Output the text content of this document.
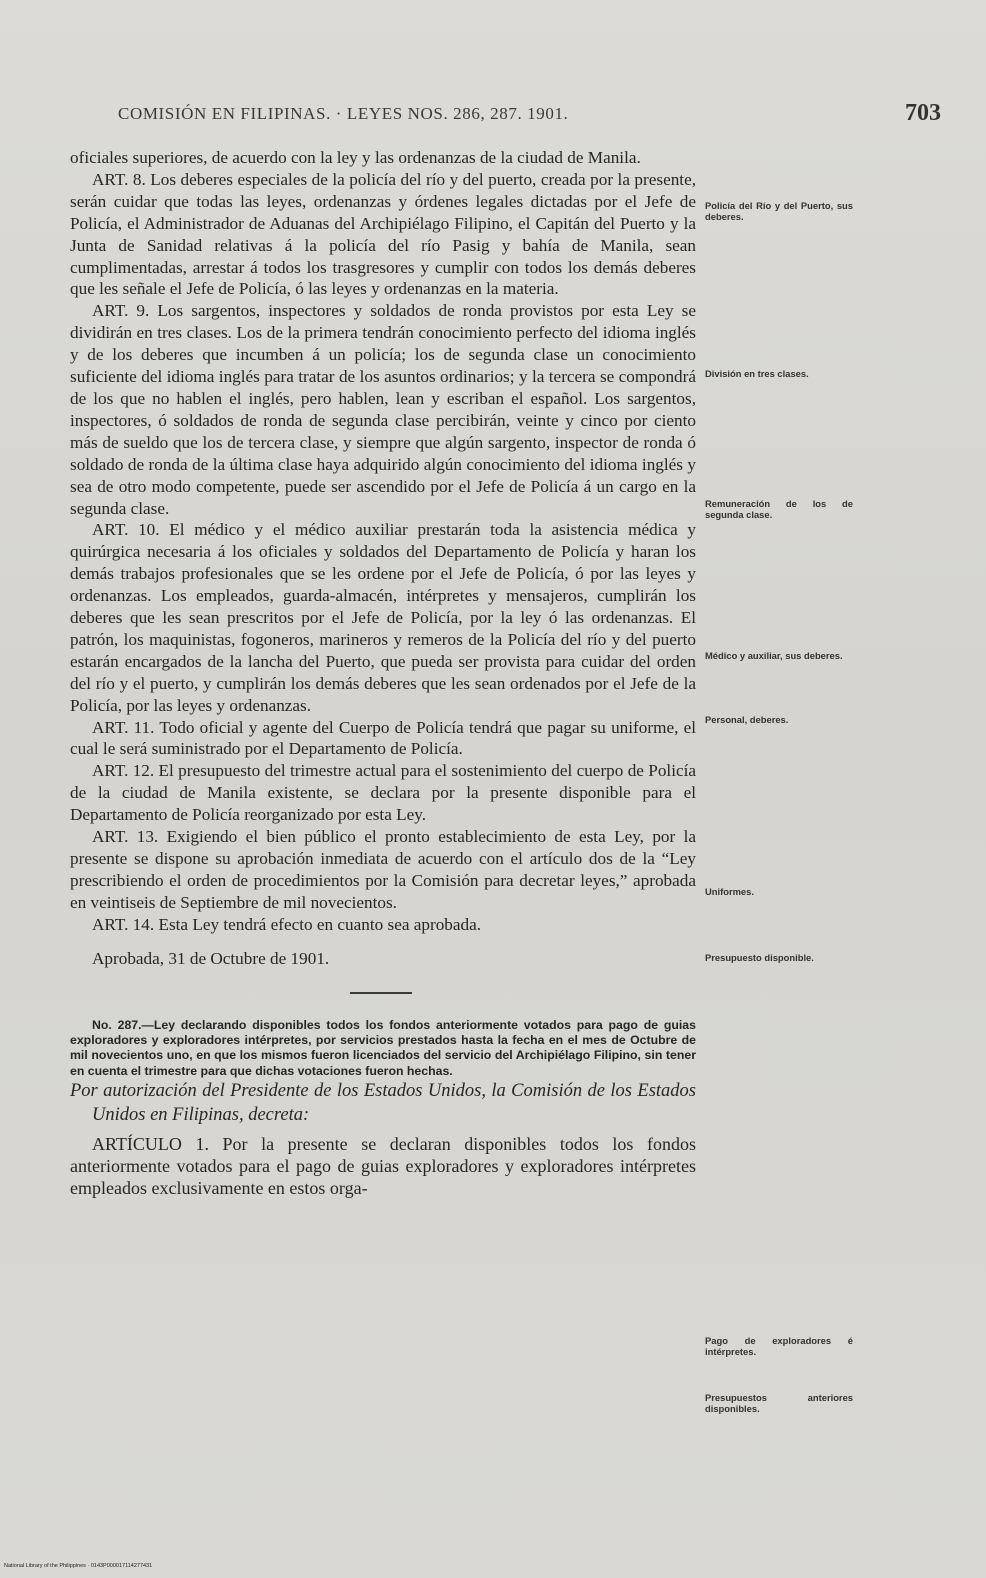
COMISIÓN EN FILIPINAS. · LEYES NOS. 286, 287. 1901.	703

oficiales superiores, de acuerdo con la ley y las ordenanzas de la ciudad de Manila.

ART. 8. Los deberes especiales de la policía del río y del puerto, creada por la presente, serán cuidar que todas las leyes, ordenanzas y órdenes legales dictadas por el Jefe de Policía, el Administrador de Aduanas del Archipiélago Filipino, el Capitán del Puerto y la Junta de Sanidad relativas á la policía del río Pasig y bahía de Manila, sean cumplimentadas, arrestar á todos los trasgresores y cumplir con todos los demás deberes que les señale el Jefe de Policía, ó las leyes y ordenanzas en la materia.

ART. 9. Los sargentos, inspectores y soldados de ronda provistos por esta Ley se dividirán en tres clases. Los de la primera tendrán conocimiento perfecto del idioma inglés y de los deberes que incumben á un policía; los de segunda clase un conocimiento suficiente del idioma inglés para tratar de los asuntos ordinarios; y la tercera se compondrá de los que no hablen el inglés, pero hablen, lean y escriban el español. Los sargentos, inspectores, ó soldados de ronda de segunda clase percibirán, veinte y cinco por ciento más de sueldo que los de tercera clase, y siempre que algún sargento, inspector de ronda ó soldado de ronda de la última clase haya adquirido algún conocimiento del idioma inglés y sea de otro modo competente, puede ser ascendido por el Jefe de Policía á un cargo en la segunda clase.

ART. 10. El médico y el médico auxiliar prestarán toda la asistencia médica y quirúrgica necesaria á los oficiales y soldados del Departamento de Policía y haran los demás trabajos profesionales que se les ordene por el Jefe de Policía, ó por las leyes y ordenanzas. Los empleados, guarda-almacén, intérpretes y mensajeros, cumplirán los deberes que les sean prescritos por el Jefe de Policía, por la ley ó las ordenanzas. El patrón, los maquinistas, fogoneros, marineros y remeros de la Policía del río y del puerto estarán encargados de la lancha del Puerto, que pueda ser provista para cuidar del orden del río y el puerto, y cumplirán los demás deberes que les sean ordenados por el Jefe de la Policía, por las leyes y ordenanzas.

ART. 11. Todo oficial y agente del Cuerpo de Policía tendrá que pagar su uniforme, el cual le será suministrado por el Departamento de Policía.

ART. 12. El presupuesto del trimestre actual para el sostenimiento del cuerpo de Policía de la ciudad de Manila existente, se declara por la presente disponible para el Departamento de Policía reorganizado por esta Ley.

ART. 13. Exigiendo el bien público el pronto establecimiento de esta Ley, por la presente se dispone su aprobación inmediata de acuerdo con el artículo dos de la “Ley prescribiendo el orden de procedimientos por la Comisión para decretar leyes,” aprobada en veintiseis de Septiembre de mil novecientos.

ART. 14. Esta Ley tendrá efecto en cuanto sea aprobada.

Aprobada, 31 de Octubre de 1901.

No. 287.—Ley declarando disponibles todos los fondos anteriormente votados para pago de guias exploradores y exploradores intérpretes, por servicios prestados hasta la fecha en el mes de Octubre de mil novecientos uno, en que los mismos fueron licenciados del servicio del Archipiélago Filipino, sin tener en cuenta el trimestre para que dichas votaciones fueron hechas.

Por autorización del Presidente de los Estados Unidos, la Comisión de los Estados Unidos en Filipinas, decreta:

ARTÍCULO 1. Por la presente se declaran disponibles todos los fondos anteriormente votados para el pago de guias exploradores y exploradores intérpretes empleados exclusivamente en estos orga-

Policía del Río y del Puerto, sus deberes.
División en tres clases.
Remuneración de los de segunda clase.
Médico y auxiliar, sus deberes.
Personal, deberes.
Uniformes.
Presupuesto disponible.
Pago de exploradores é intérpretes.
Presupuestos anteriores disponibles.
National Library of the Philippines · 0143P000017114277431
